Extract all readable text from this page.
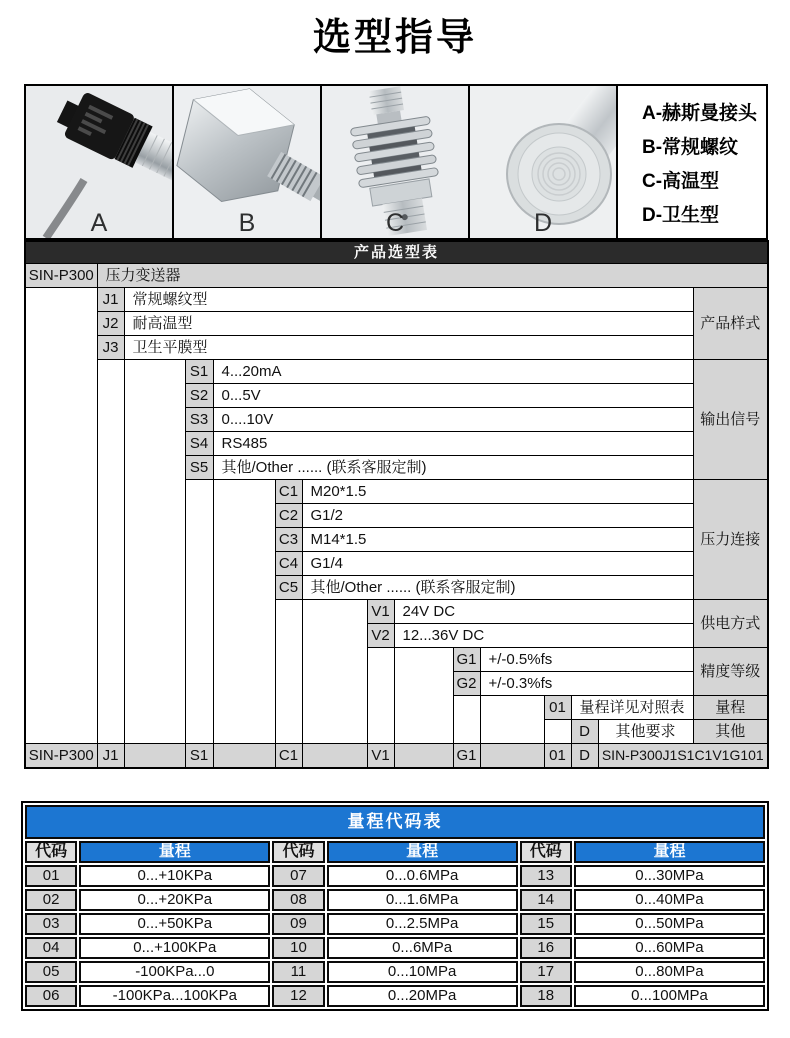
选型指导
A	B	C	D
A-赫斯曼接头
B-常规螺纹
C-高温型
D-卫生型
产品选型表														
SIN-P300	压力变送器													
	J1	常规螺纹型												产品样式
	J2	耐高温型												
	J3	卫生平膜型												
			S1	4...20mA										输出信号
			S2	0...5V										
			S3	0....10V										
			S4	RS485										
			S5	其他/Other ...... (联系客服定制)										
					C1	M20*1.5								压力连接
					C2	G1/2								
					C3	M14*1.5								
					C4	G1/4								
					C5	其他/Other ...... (联系客服定制)								
							V1	24V DC						供电方式
							V2	12...36V DC						
									G1	+/-0.5%fs				精度等级
									G2	+/-0.3%fs				
											01	量程详见对照表		量程
												D	其他要求	其他
SIN-P300	J1		S1		C1		V1		G1		01	D	SIN-P300J1S1C1V1G101	
量程代码表					
代码	量程	代码	量程	代码	量程
01	0...+10KPa	07	0...0.6MPa	13	0...30MPa
02	0...+20KPa	08	0...1.6MPa	14	0...40MPa
03	0...+50KPa	09	0...2.5MPa	15	0...50MPa
04	0...+100KPa	10	0...6MPa	16	0...60MPa
05	-100KPa...0	11	0...10MPa	17	0...80MPa
06	-100KPa...100KPa	12	0...20MPa	18	0...100MPa
